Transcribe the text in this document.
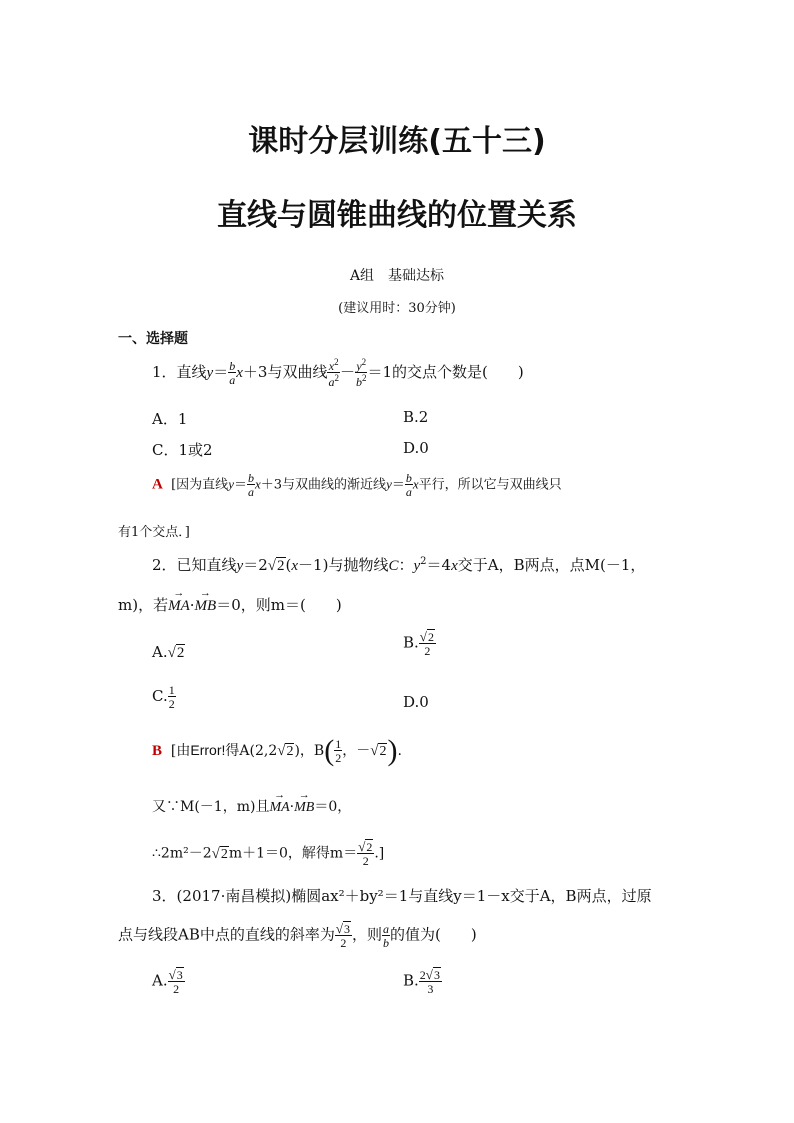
课时分层训练(五十三)
直线与圆锥曲线的位置关系
A组　基础达标
(建议用时：30分钟)
一、选择题
1．直线$y= \frac{b}{a} x+3$与双曲线 $\frac{x^2}{a^2} - \frac{y^2}{b^2} =1$的交点个数是(　　)
A．1	B.2
C．1或2	D.0
A [因为直线$y= \frac{b}{a} x+3$与双曲线的渐近线$y= \frac{b}{a}$ x平行，所以它与双曲线只
有1个交点．]
2．已知直线y＝2√2(x－1)与抛物线C：$y^2=4x$交于A，B两点，点M(－1，
m)，若→ MA·→ MB＝0，则m＝(　　)
A.√2
B. $\frac{√2}{2}$
C. $\frac{1}{2}$	D.0
B [由Error!得A(2,2√2)，$B( \frac{1}{2}$ ，－√2).
又∵M(－1，m)且→ MA·→ MB＝0，
∴2m²－2√2m＋1＝0，解得$m= \frac{√2}{2}$ .]
3．(2017·南昌模拟)椭圆ax²＋by²＝1与直线y＝1－x交于A，B两点，过原
点与线段AB中点的直线的斜率为 $\frac{√3}{2}$ ，则 $\frac{a}{b}$ 的值为(　　)
A. $\frac{√3}{2}$	B. $\frac{2√3}{3}$
